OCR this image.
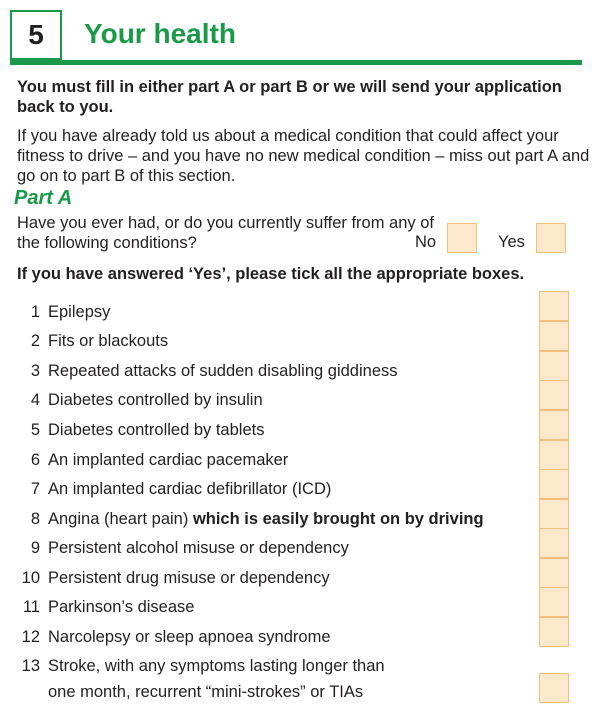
5	Your health
You must fill in either part A or part B or we will send your application back to you.
If you have already told us about a medical condition that could affect your fitness to drive – and you have no new medical condition – miss out part A and go on to part B of this section.
Part A
Have you ever had, or do you currently suffer from any of the following conditions?	No	Yes
If you have answered ‘Yes’, please tick all the appropriate boxes.
1 Epilepsy
2 Fits or blackouts
3 Repeated attacks of sudden disabling giddiness
4 Diabetes controlled by insulin
5 Diabetes controlled by tablets
6 An implanted cardiac pacemaker
7 An implanted cardiac defibrillator (ICD)
8 Angina (heart pain) which is easily brought on by driving
9 Persistent alcohol misuse or dependency
10 Persistent drug misuse or dependency
11 Parkinson’s disease
12 Narcolepsy or sleep apnoea syndrome
13 Stroke, with any symptoms lasting longer than
one month, recurrent “mini-strokes” or TIAs
